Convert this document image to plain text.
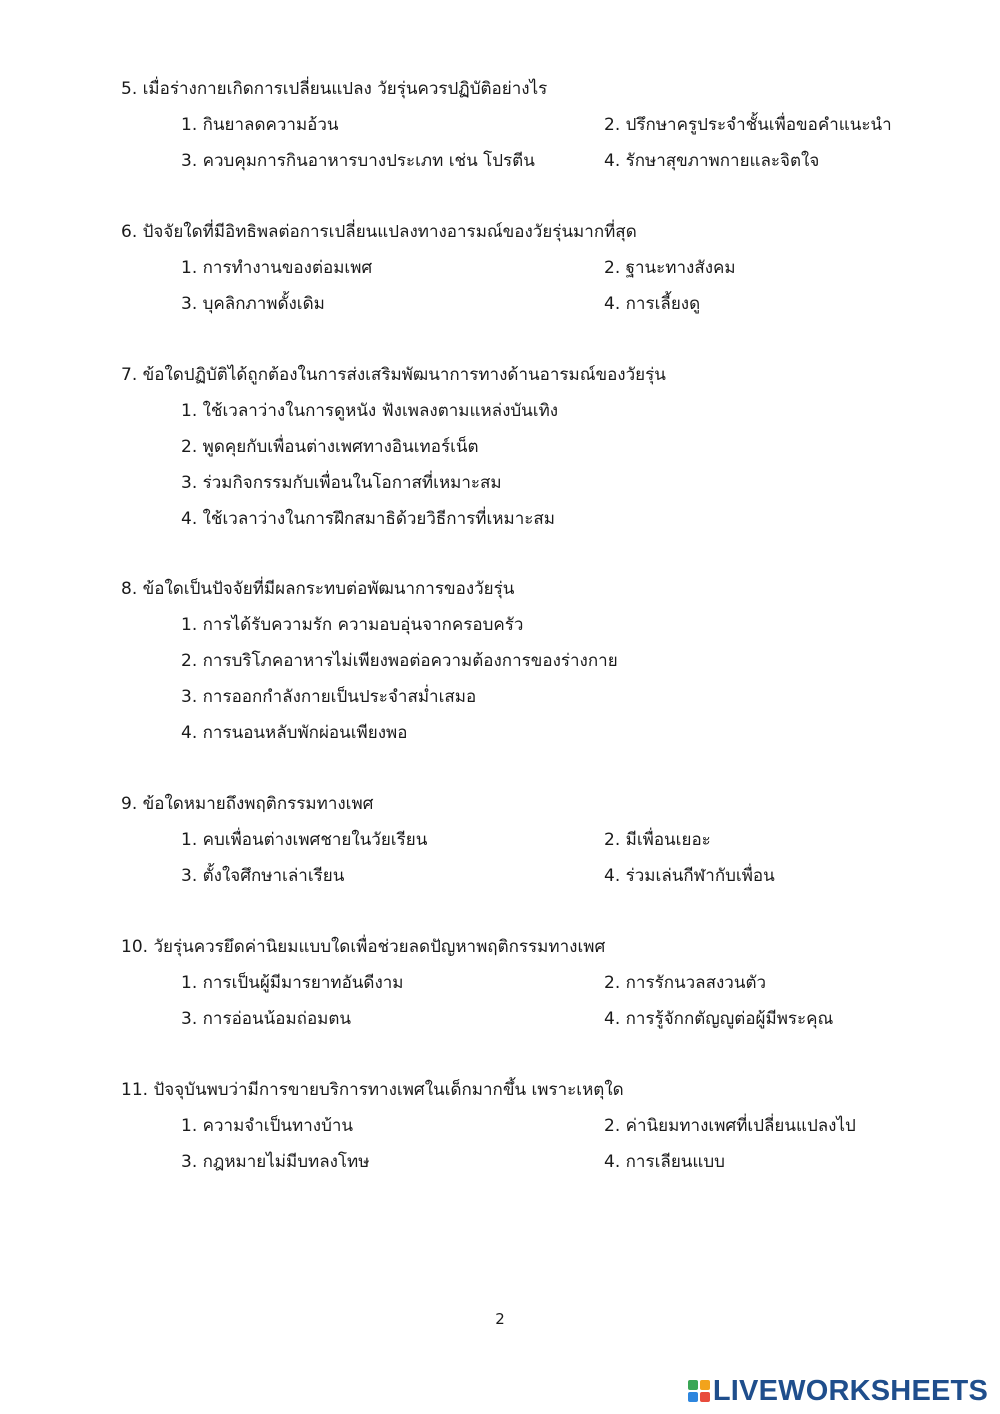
5. เมื่อร่างกายเกิดการเปลี่ยนแปลง วัยรุ่นควรปฏิบัติอย่างไร
1. กินยาลดความอ้วน	2. ปรึกษาครูประจำชั้นเพื่อขอคำแนะนำ
3. ควบคุมการกินอาหารบางประเภท เช่น โปรตีน	4. รักษาสุขภาพกายและจิตใจ
6. ปัจจัยใดที่มีอิทธิพลต่อการเปลี่ยนแปลงทางอารมณ์ของวัยรุ่นมากที่สุด
1. การทำงานของต่อมเพศ	2. ฐานะทางสังคม
3. บุคลิกภาพดั้งเดิม	4. การเลี้ยงดู
7. ข้อใดปฏิบัติได้ถูกต้องในการส่งเสริมพัฒนาการทางด้านอารมณ์ของวัยรุ่น
1. ใช้เวลาว่างในการดูหนัง ฟังเพลงตามแหล่งบันเทิง
2. พูดคุยกับเพื่อนต่างเพศทางอินเทอร์เน็ต
3. ร่วมกิจกรรมกับเพื่อนในโอกาสที่เหมาะสม
4. ใช้เวลาว่างในการฝึกสมาธิด้วยวิธีการที่เหมาะสม
8. ข้อใดเป็นปัจจัยที่มีผลกระทบต่อพัฒนาการของวัยรุ่น
1. การได้รับความรัก ความอบอุ่นจากครอบครัว
2. การบริโภคอาหารไม่เพียงพอต่อความต้องการของร่างกาย
3. การออกกำลังกายเป็นประจำสม่ำเสมอ
4. การนอนหลับพักผ่อนเพียงพอ
9. ข้อใดหมายถึงพฤติกรรมทางเพศ
1. คบเพื่อนต่างเพศชายในวัยเรียน	2. มีเพื่อนเยอะ
3. ตั้งใจศึกษาเล่าเรียน	4. ร่วมเล่นกีฬากับเพื่อน
10. วัยรุ่นควรยึดค่านิยมแบบใดเพื่อช่วยลดปัญหาพฤติกรรมทางเพศ
1. การเป็นผู้มีมารยาทอันดีงาม	2. การรักนวลสงวนตัว
3. การอ่อนน้อมถ่อมตน	4. การรู้จักกตัญญูต่อผู้มีพระคุณ
11. ปัจจุบันพบว่ามีการขายบริการทางเพศในเด็กมากขึ้น เพราะเหตุใด
1. ความจำเป็นทางบ้าน	2. ค่านิยมทางเพศที่เปลี่ยนแปลงไป
3. กฎหมายไม่มีบทลงโทษ	4. การเลียนแบบ
2
LIVEWORKSHEETS
